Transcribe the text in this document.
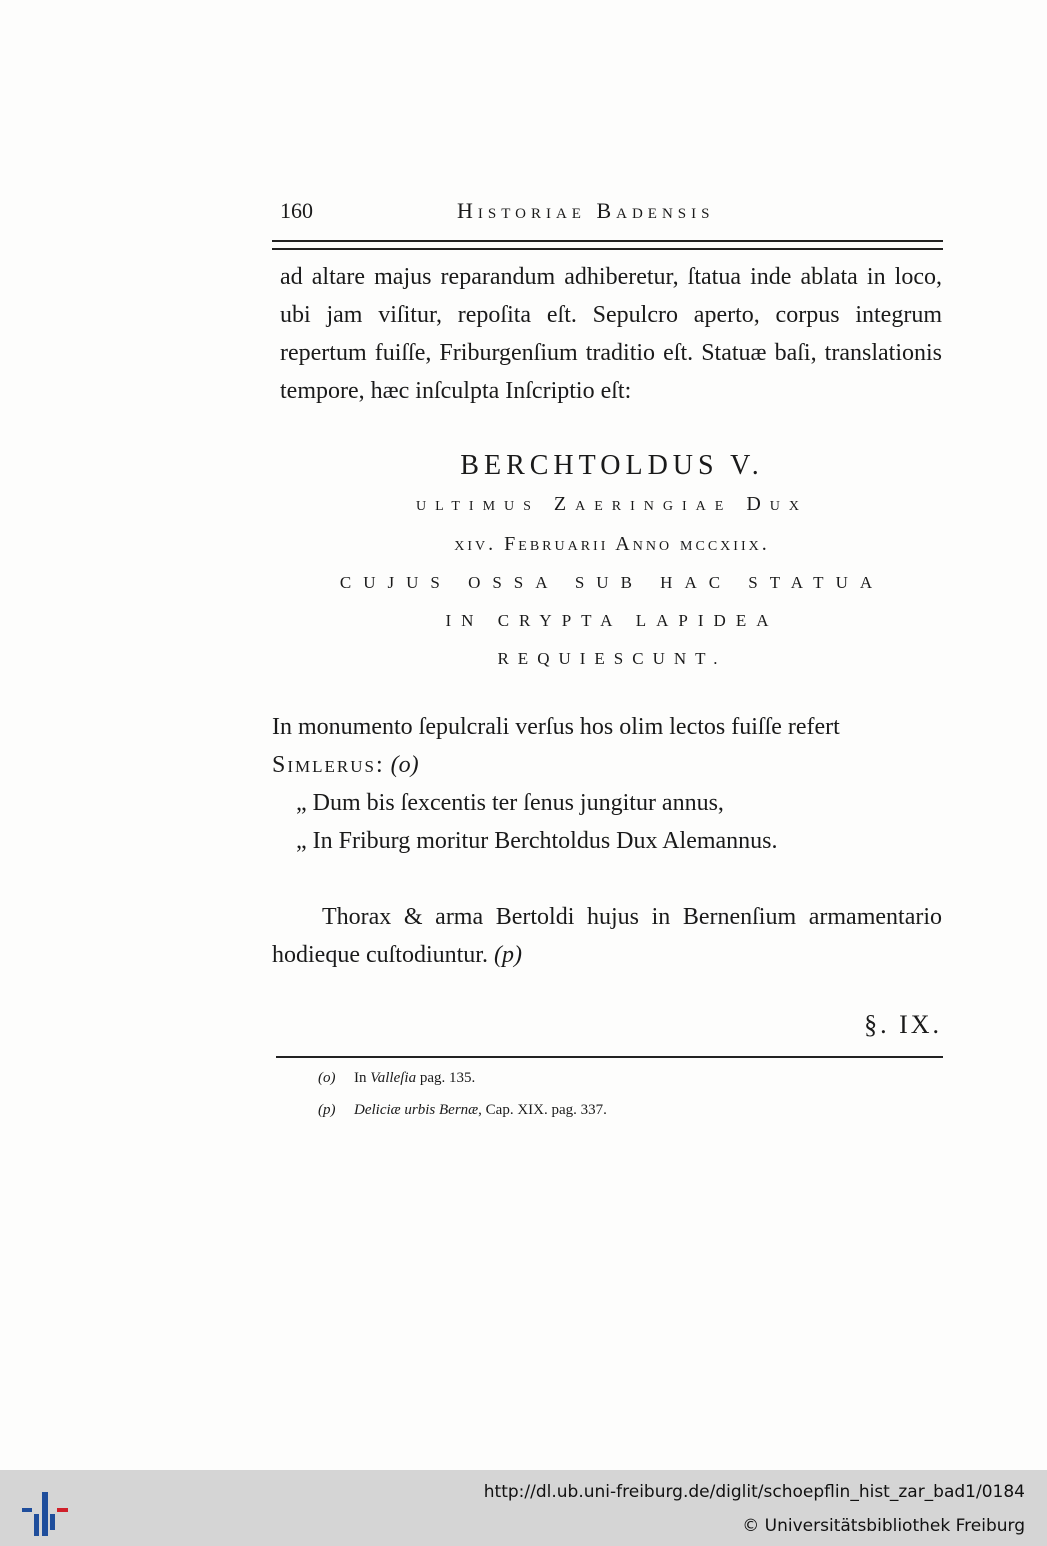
160	Historiae Badensis
ad altare majus reparandum adhiberetur, ſtatua inde ablata in loco, ubi jam viſitur, repoſita eſt. Sepulcro aperto, corpus integrum repertum fuiſſe, Friburgenſium traditio eſt. Statuæ baſi, translationis tempore, hæc inſculpta Inſcriptio eſt:
BERCHTOLDUS V.
ultimus Zaeringiae Dux
xiv. Februarii Anno mccxiix.
CUJUS OSSA SUB HAC STATUA
IN CRYPTA LAPIDEA
REQUIESCUNT.
In monumento ſepulcrali verſus hos olim lectos fuiſſe refert
Simlerus: (o)
„ Dum bis ſexcentis ter ſenus jungitur annus,
„ In Friburg moritur Berchtoldus Dux Alemannus.
Thorax & arma Bertoldi hujus in Bernenſium armamentario hodieque cuſtodiuntur. (p)
§. IX.
(o) In Valleſia pag. 135.
(p) Deliciæ urbis Bernæ, Cap. XIX. pag. 337.
http://dl.ub.uni-freiburg.de/diglit/schoepflin_hist_zar_bad1/0184
© Universitätsbibliothek Freiburg
